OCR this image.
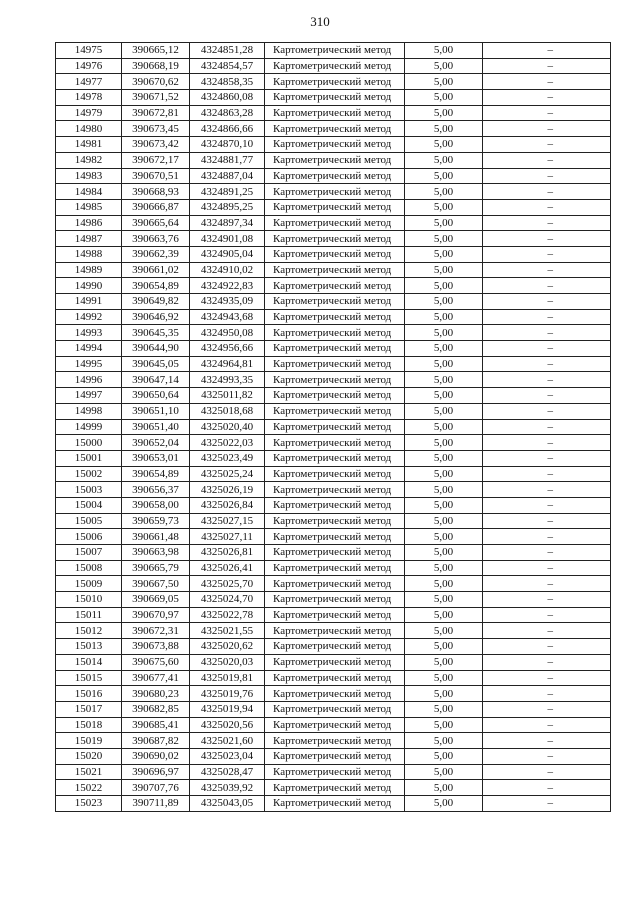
310
14975	390665,12	4324851,28	Картометрический метод	5,00	–
14976	390668,19	4324854,57	Картометрический метод	5,00	–
14977	390670,62	4324858,35	Картометрический метод	5,00	–
14978	390671,52	4324860,08	Картометрический метод	5,00	–
14979	390672,81	4324863,28	Картометрический метод	5,00	–
14980	390673,45	4324866,66	Картометрический метод	5,00	–
14981	390673,42	4324870,10	Картометрический метод	5,00	–
14982	390672,17	4324881,77	Картометрический метод	5,00	–
14983	390670,51	4324887,04	Картометрический метод	5,00	–
14984	390668,93	4324891,25	Картометрический метод	5,00	–
14985	390666,87	4324895,25	Картометрический метод	5,00	–
14986	390665,64	4324897,34	Картометрический метод	5,00	–
14987	390663,76	4324901,08	Картометрический метод	5,00	–
14988	390662,39	4324905,04	Картометрический метод	5,00	–
14989	390661,02	4324910,02	Картометрический метод	5,00	–
14990	390654,89	4324922,83	Картометрический метод	5,00	–
14991	390649,82	4324935,09	Картометрический метод	5,00	–
14992	390646,92	4324943,68	Картометрический метод	5,00	–
14993	390645,35	4324950,08	Картометрический метод	5,00	–
14994	390644,90	4324956,66	Картометрический метод	5,00	–
14995	390645,05	4324964,81	Картометрический метод	5,00	–
14996	390647,14	4324993,35	Картометрический метод	5,00	–
14997	390650,64	4325011,82	Картометрический метод	5,00	–
14998	390651,10	4325018,68	Картометрический метод	5,00	–
14999	390651,40	4325020,40	Картометрический метод	5,00	–
15000	390652,04	4325022,03	Картометрический метод	5,00	–
15001	390653,01	4325023,49	Картометрический метод	5,00	–
15002	390654,89	4325025,24	Картометрический метод	5,00	–
15003	390656,37	4325026,19	Картометрический метод	5,00	–
15004	390658,00	4325026,84	Картометрический метод	5,00	–
15005	390659,73	4325027,15	Картометрический метод	5,00	–
15006	390661,48	4325027,11	Картометрический метод	5,00	–
15007	390663,98	4325026,81	Картометрический метод	5,00	–
15008	390665,79	4325026,41	Картометрический метод	5,00	–
15009	390667,50	4325025,70	Картометрический метод	5,00	–
15010	390669,05	4325024,70	Картометрический метод	5,00	–
15011	390670,97	4325022,78	Картометрический метод	5,00	–
15012	390672,31	4325021,55	Картометрический метод	5,00	–
15013	390673,88	4325020,62	Картометрический метод	5,00	–
15014	390675,60	4325020,03	Картометрический метод	5,00	–
15015	390677,41	4325019,81	Картометрический метод	5,00	–
15016	390680,23	4325019,76	Картометрический метод	5,00	–
15017	390682,85	4325019,94	Картометрический метод	5,00	–
15018	390685,41	4325020,56	Картометрический метод	5,00	–
15019	390687,82	4325021,60	Картометрический метод	5,00	–
15020	390690,02	4325023,04	Картометрический метод	5,00	–
15021	390696,97	4325028,47	Картометрический метод	5,00	–
15022	390707,76	4325039,92	Картометрический метод	5,00	–
15023	390711,89	4325043,05	Картометрический метод	5,00	–
